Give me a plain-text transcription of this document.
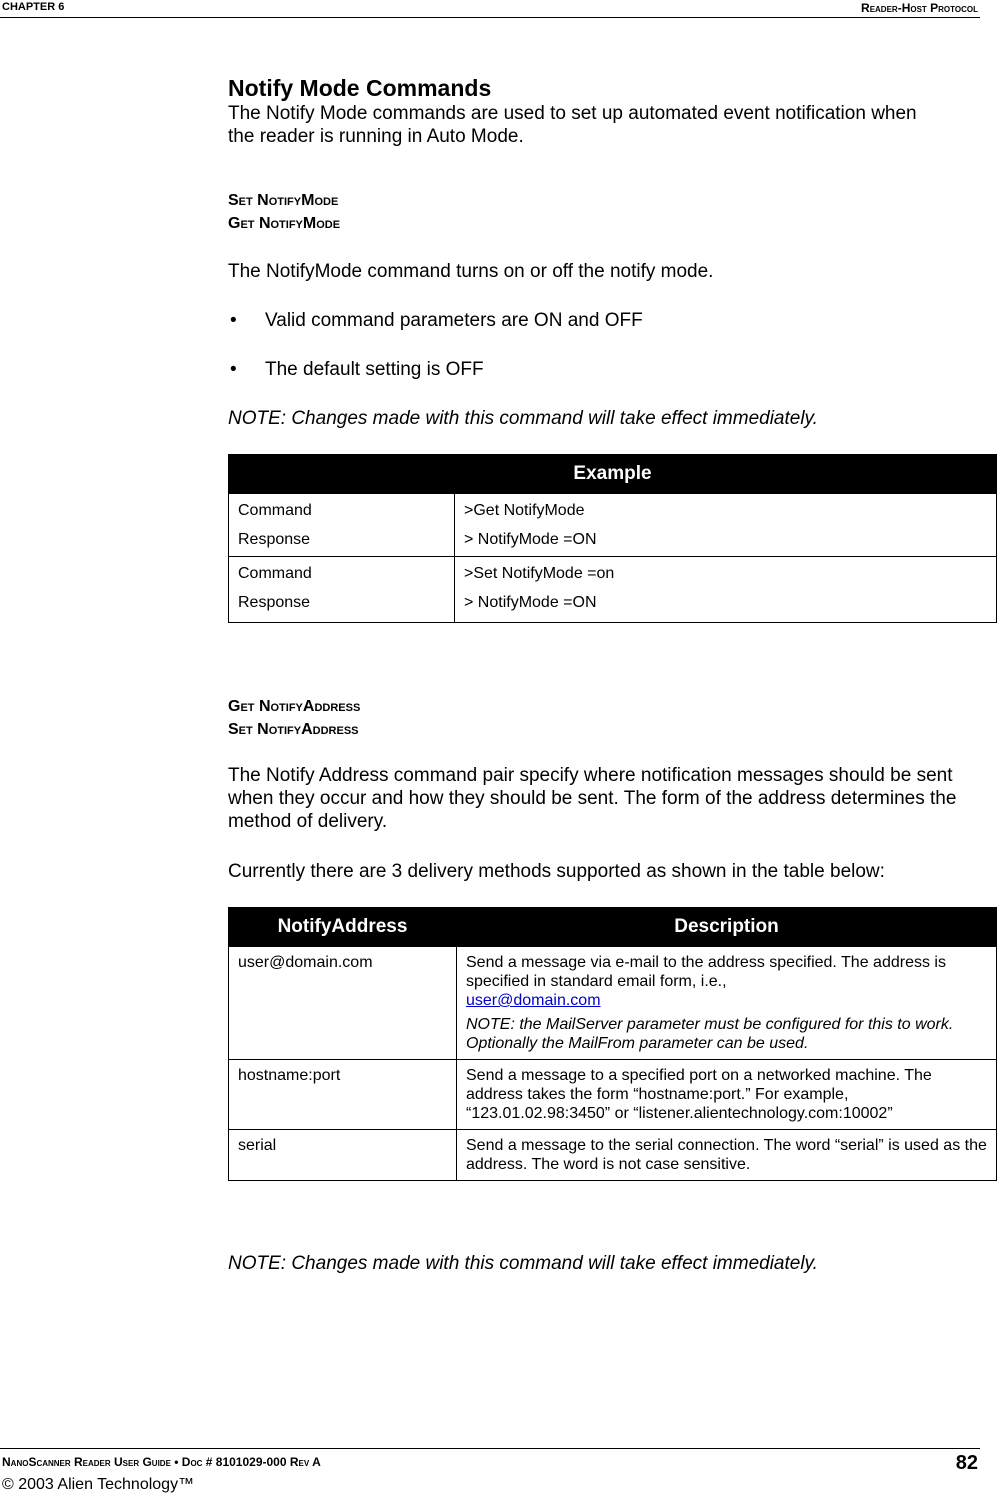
CHAPTER 6	Reader-Host Protocol
Notify Mode Commands

The Notify Mode commands are used to set up automated event notification when the reader is running in Auto Mode.

Set NotifyMode
Get NotifyMode

The NotifyMode command turns on or off the notify mode.

• Valid command parameters are ON and OFF
• The default setting is OFF

NOTE: Changes made with this command will take effect immediately.

Example	
Command	>Get NotifyMode
Response	> NotifyMode =ON
Command	>Set NotifyMode =on
Response	> NotifyMode =ON
Get NotifyAddress
Set NotifyAddress

The Notify Address command pair specify where notification messages should be sent when they occur and how they should be sent. The form of the address determines the method of delivery.

Currently there are 3 delivery methods supported as shown in the table below:

NotifyAddress	Description
user@domain.com	Send a message via e-mail to the address specified. The address is specified in standard email form, i.e.,
user@domain.com
NOTE: the MailServer parameter must be configured for this to work. Optionally the MailFrom parameter can be used.

hostname:port	Send a message to a specified port on a networked machine. The address takes the form “hostname:port.” For example, “123.01.02.98:3450” or “listener.alientechnology.com:10002”
serial	Send a message to the serial connection. The word “serial” is used as the address. The word is not case sensitive.

NOTE: Changes made with this command will take effect immediately.

NanoScanner Reader User Guide • Doc # 8101029-000 Rev A	82
© 2003 Alien Technology™
